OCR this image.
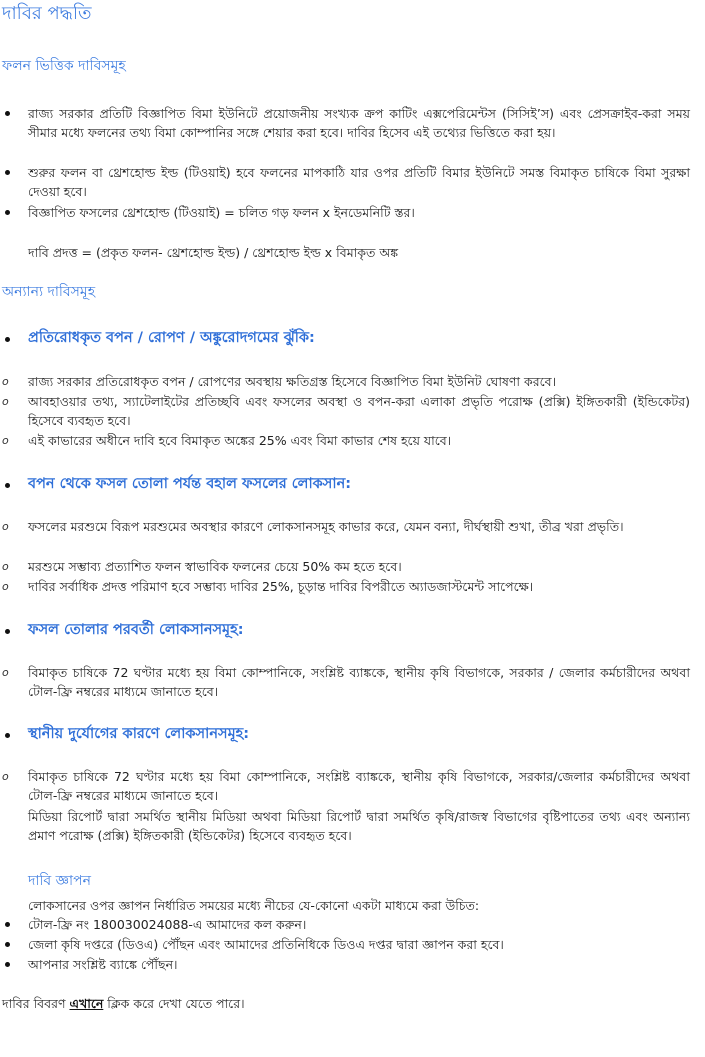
দাবির পদ্ধতি
ফলন ভিত্তিক দাবিসমূহ
রাজ্য সরকার প্রতিটি বিজ্ঞাপিত বিমা ইউনিটে প্রয়োজনীয় সংখ্যক ক্রপ কাটিং এক্সপেরিমেন্টস (সিসিই’স) এবং প্রেসক্রাইব-করা সময় সীমার মধ্যে ফলনের তথ্য বিমা কোম্পানির সঙ্গে শেয়ার করা হবে। দাবির হিসেব এই তথ্যের ভিত্তিতে করা হয়।
শুরুর ফলন বা থ্রেশহোল্ড ইল্ড (টিওয়াই) হবে ফলনের মাপকাঠি যার ওপর প্রতিটি বিমার ইউনিটে সমস্ত বিমাকৃত চাষিকে বিমা সুরক্ষা দেওয়া হবে।
বিজ্ঞাপিত ফসলের থ্রেশহোল্ড (টিওয়াই) = চলিত গড় ফলন x ইনডেমনিটি স্তর।
দাবি প্রদত্ত = (প্রকৃত ফলন- থ্রেশহোল্ড ইল্ড) / থ্রেশহোল্ড ইল্ড x বিমাকৃত অঙ্ক
অন্যান্য দাবিসমূহ
প্রতিরোধকৃত বপন / রোপণ / অঙ্কুরোদগমের ঝুঁকি:
o রাজ্য সরকার প্রতিরোধকৃত বপন / রোপণের অবস্থায় ক্ষতিগ্রস্ত হিসেবে বিজ্ঞাপিত বিমা ইউনিট ঘোষণা করবে।
o আবহাওয়ার তথ্য, স্যাটেলাইটের প্রতিচ্ছবি এবং ফসলের অবস্থা ও বপন-করা এলাকা প্রভৃতি পরোক্ষ (প্রক্সি) ইঙ্গিতকারী (ইন্ডিকেটর) হিসেবে ব্যবহৃত হবে।
o এই কাভারের অধীনে দাবি হবে বিমাকৃত অঙ্কের 25% এবং বিমা কাভার শেষ হয়ে যাবে।
বপন থেকে ফসল তোলা পর্যন্ত বহাল ফসলের লোকসান:
o ফসলের মরশুমে বিরূপ মরশুমের অবস্থার কারণে লোকসানসমূহ কাভার করে, যেমন বন্যা, দীর্ঘস্থায়ী শুখা, তীব্র খরা প্রভৃতি।
o মরশুমে সম্ভাব্য প্রত্যাশিত ফলন স্বাভাবিক ফলনের চেয়ে 50% কম হতে হবে।
o দাবির সর্বাধিক প্রদত্ত পরিমাণ হবে সম্ভাব্য দাবির 25%, চূড়ান্ত দাবির বিপরীতে অ্যাডজাস্টমেন্ট সাপেক্ষে।
ফসল তোলার পরবর্তী লোকসানসমূহ:
o বিমাকৃত চাষিকে 72 ঘণ্টার মধ্যে হয় বিমা কোম্পানিকে, সংশ্লিষ্ট ব্যাঙ্ককে, স্থানীয় কৃষি বিভাগকে, সরকার / জেলার কর্মচারীদের অথবা টোল-ফ্রি নম্বরের মাধ্যমে জানাতে হবে।
স্থানীয় দুর্যোগের কারণে লোকসানসমূহ:
o বিমাকৃত চাষিকে 72 ঘণ্টার মধ্যে হয় বিমা কোম্পানিকে, সংশ্লিষ্ট ব্যাঙ্ককে, স্থানীয় কৃষি বিভাগকে, সরকার/জেলার কর্মচারীদের অথবা টোল-ফ্রি নম্বরের মাধ্যমে জানাতে হবে।
মিডিয়া রিপোর্ট দ্বারা সমর্থিত স্থানীয় মিডিয়া অথবা মিডিয়া রিপোর্ট দ্বারা সমর্থিত কৃষি/রাজস্ব বিভাগের বৃষ্টিপাতের তথ্য এবং অন্যান্য প্রমাণ পরোক্ষ (প্রক্সি) ইঙ্গিতকারী (ইন্ডিকেটর) হিসেবে ব্যবহৃত হবে।
দাবি জ্ঞাপন
লোকসানের ওপর জ্ঞাপন নির্ধারিত সময়ের মধ্যে নীচের যে-কোনো একটা মাধ্যমে করা উচিত:
টোল-ফ্রি নং 180030024088-এ আমাদের কল করুন।
জেলা কৃষি দপ্তরে (ডিওএ) পৌঁছন এবং আমাদের প্রতিনিধিকে ডিওএ দপ্তর দ্বারা জ্ঞাপন করা হবে।
আপনার সংশ্লিষ্ট ব্যাঙ্কে পৌঁছন।
দাবির বিবরণ এখানে ক্লিক করে দেখা যেতে পারে।
